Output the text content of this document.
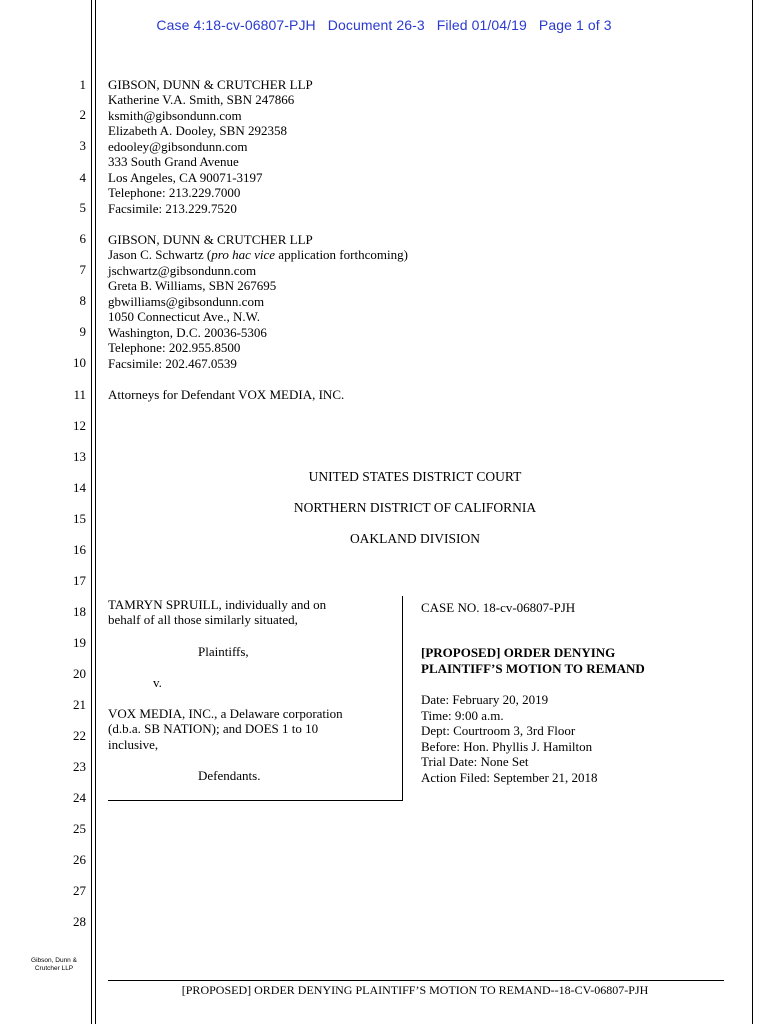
Case 4:18-cv-06807-PJH Document 26-3 Filed 01/04/19 Page 1 of 3
1
2
3
4
5
6
7
8
9
10
11
12
13
14
15
16
17
18
19
20
21
22
23
24
25
26
27
28
GIBSON, DUNN & CRUTCHER LLP
Katherine V.A. Smith, SBN 247866
ksmith@gibsondunn.com
Elizabeth A. Dooley, SBN 292358
edooley@gibsondunn.com
333 South Grand Avenue
Los Angeles, CA 90071-3197
Telephone: 213.229.7000
Facsimile: 213.229.7520
GIBSON, DUNN & CRUTCHER LLP
Jason C. Schwartz (pro hac vice application forthcoming)
jschwartz@gibsondunn.com
Greta B. Williams, SBN 267695
gbwilliams@gibsondunn.com
1050 Connecticut Ave., N.W.
Washington, D.C. 20036-5306
Telephone: 202.955.8500
Facsimile: 202.467.0539
Attorneys for Defendant VOX MEDIA, INC.
UNITED STATES DISTRICT COURT
NORTHERN DISTRICT OF CALIFORNIA
OAKLAND DIVISION
TAMRYN SPRUILL, individually and on
behalf of all those similarly situated,
Plaintiffs,
v.
VOX MEDIA, INC., a Delaware corporation
(d.b.a. SB NATION); and DOES 1 to 10
inclusive,
Defendants.
CASE NO. 18-cv-06807-PJH
[PROPOSED] ORDER DENYING
PLAINTIFF’S MOTION TO REMAND
Date: February 20, 2019
Time: 9:00 a.m.
Dept: Courtroom 3, 3rd Floor
Before: Hon. Phyllis J. Hamilton
Trial Date: None Set
Action Filed: September 21, 2018
Gibson, Dunn &
Crutcher LLP
[PROPOSED] ORDER DENYING PLAINTIFF’S MOTION TO REMAND--18-CV-06807-PJH
